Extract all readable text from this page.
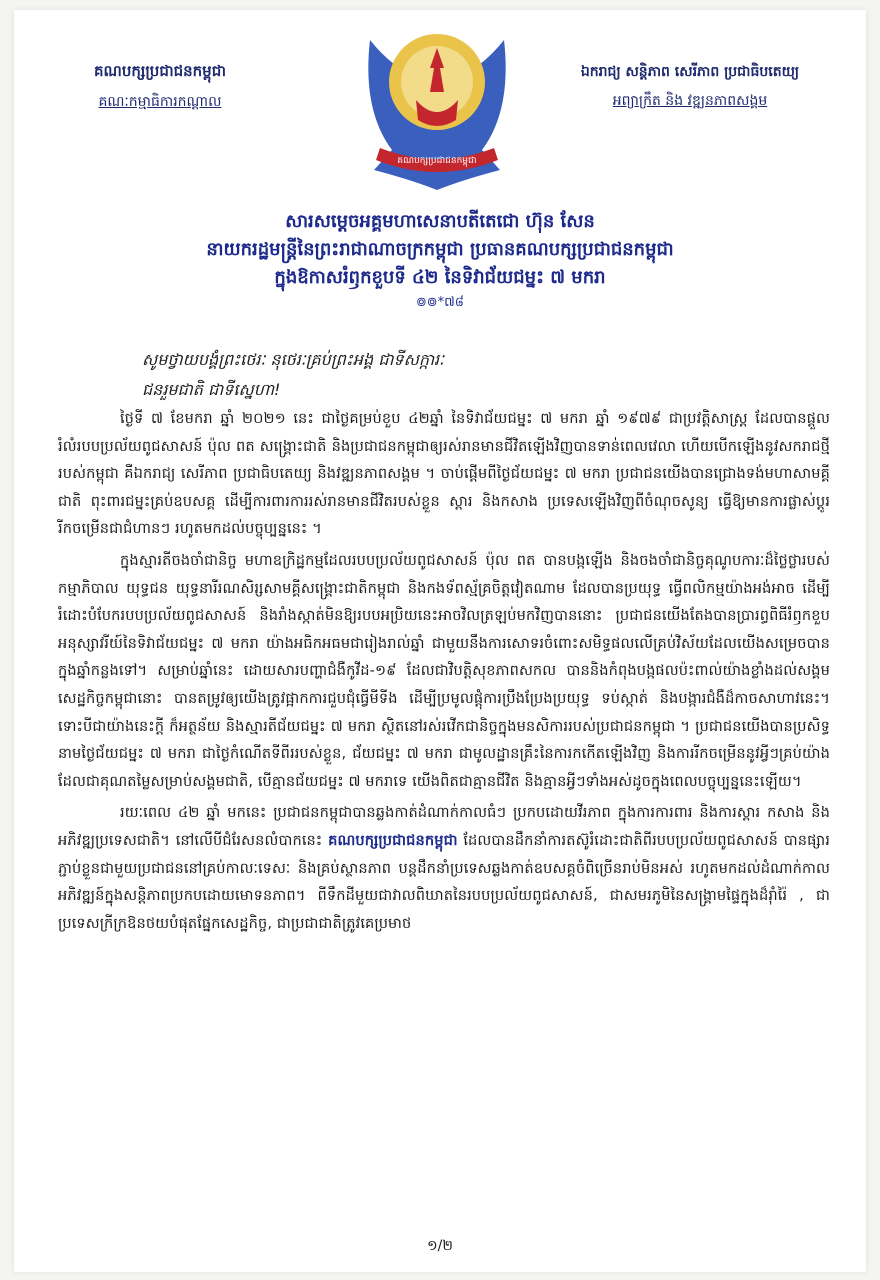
គណបក្សប្រជាជនកម្ពុជា
គណៈកម្មាធិការកណ្តាល
គណបក្សប្រជាជនកម្ពុជា
ឯករាជ្យ សន្តិភាព សេរីភាព ប្រជាធិបតេយ្យ
អព្យាក្រឹត និង វឌ្ឍនភាពសង្គម
សារសម្តេចអគ្គមហាសេនាបតីតេជោ ហ៊ុន សែន
នាយករដ្ឋមន្ត្រីនៃព្រះរាជាណាចក្រកម្ពុជា ប្រធានគណបក្សប្រជាជនកម្ពុជា
ក្នុងឱកាសរំឭកខួបទី ៤២ នៃទិវាជ័យជម្នះ ៧ មករា
៙៙*៧៨
សូមថ្វាយបង្គំព្រះថេរៈ នុថេរៈគ្រប់ព្រះអង្គ ជាទីសក្ការៈ
ជនរួមជាតិ ជាទីស្នេហា!

ថ្ងៃទី ៧ ខែមករា ឆ្នាំ ២០២១ នេះ ជាថ្ងៃគម្រប់ខួប ៤២ឆ្នាំ នៃទិវាជ័យជម្នះ ៧ មករា ឆ្នាំ ១៩៧៩ ជាប្រវត្តិសាស្ត្រ ដែលបានផ្តួលរំលំរបបប្រល័យពូជសាសន៍ ប៉ុល ពត សង្គ្រោះជាតិ និងប្រជាជនកម្ពុជាឲ្យរស់រានមានជីវិតឡើងវិញបានទាន់ពេលវេលា ហើយបើកឡើងនូវសករាជថ្មីរបស់កម្ពុជា គឺឯករាជ្យ សេរីភាព ប្រជាធិបតេយ្យ និងវឌ្ឍនភាពសង្គម ។ ចាប់ផ្តើមពីថ្ងៃជ័យជម្នះ ៧ មករា ប្រជាជនយើងបានជ្រោងទង់មហាសាមគ្គីជាតិ ពុះពារជម្នះគ្រប់ឧបសគ្គ ដើម្បីការពារការរស់រានមានជីវិតរបស់ខ្លួន ស្តារ និងកសាង ប្រទេសឡើងវិញពីចំណុចសូន្យ ធ្វើឱ្យមានការផ្លាស់ប្តូរ រីកចម្រើនជាជំហានៗ រហូតមកដល់បច្ចុប្បន្ននេះ ។

ក្នុងស្មារតីចងចាំជានិច្ច មហាឧក្រិដ្ឋកម្មដែលរបបប្រល័យពូជសាសន៍ ប៉ុល ពត បានបង្កឡើង និងចងចាំជានិច្ចគុណូបការៈដ៏ថ្លៃថ្លារបស់កម្មាភិបាល យុទ្ធជន យុទ្ធនារីរណសិរ្សសាមគ្គីសង្គ្រោះជាតិកម្ពុជា និងកងទ័ពស្ម័គ្រចិត្តវៀតណាម ដែលបានប្រយុទ្ធ ធ្វើពលិកម្មយ៉ាងអង់អាច ដើម្បីរំដោះបំបែករបបប្រល័យពូជសាសន៍ និងរាំងស្កាត់មិនឱ្យរបបអប្រិយនេះអាចវិលត្រឡប់មកវិញបាននោះ ប្រជាជនយើងតែងបានប្រារព្ធពិធីរំឭកខួបអនុស្សាវរីយ៍នៃទិវាជ័យជម្នះ ៧ មករា យ៉ាងអធិកអធមជារៀងរាល់ឆ្នាំ ជាមួយនឹងការសោទរចំពោះសមិទ្ធផលលើគ្រប់វិស័យដែលយើងសម្រេចបានក្នុងឆ្នាំកន្លងទៅ។ សម្រាប់ឆ្នាំនេះ ដោយសារបញ្ហាជំងឺកូវីដ-១៩ ដែលជាវិបត្តិសុខភាពសកល បាននិងកំពុងបង្កផលប៉ះពាល់យ៉ាងខ្លាំងដល់សង្គម សេដ្ឋកិច្ចកម្ពុជានោះ បានតម្រូវឲ្យយើងត្រូវផ្អាកការជួបជុំធ្វើមីទីង ដើម្បីប្រមូលផ្តុំការប្រឹងប្រែងប្រយុទ្ធ ទប់ស្កាត់ និងបង្ការជំងឺដ៏កាចសាហាវនេះ។ ទោះបីជាយ៉ាងនេះក្តី ក៏អត្ថន័យ និងស្មារតីជ័យជម្នះ ៧ មករា ស្ថិតនៅរស់រវើកជានិច្ចក្នុងមនសិការរបស់ប្រជាជនកម្ពុជា ។ ប្រជាជនយើងបានប្រសិទ្ធនាមថ្ងៃជ័យជម្នះ ៧ មករា ជាថ្ងៃកំណើតទីពីររបស់ខ្លួន, ជ័យជម្នះ ៧ មករា ជាមូលដ្ឋានគ្រឹះនៃការកកើតឡើងវិញ និងការរីកចម្រើននូវអ្វីៗគ្រប់យ៉ាង ដែលជាគុណតម្លៃសម្រាប់សង្គមជាតិ, បើគ្មានជ័យជម្នះ ៧ មករាទេ យើងពិតជាគ្មានជីវិត និងគ្មានអ្វីៗទាំងអស់ដូចក្នុងពេលបច្ចុប្បន្ននេះឡើយ។

រយៈពេល ៤២ ឆ្នាំ មកនេះ ប្រជាជនកម្ពុជាបានឆ្លងកាត់ដំណាក់កាលធំៗ ប្រកបដោយវីរភាព ក្នុងការការពារ និងការស្តារ កសាង និងអភិវឌ្ឍប្រទេសជាតិ។ នៅលើបីជំរែសនលំបាកនេះ គណបក្សប្រជាជនកម្ពុជា ដែលបានដឹកនាំការតស៊ូរំដោះជាតិពីរបបប្រល័យពូជសាសន៍ បានផ្សារភ្ជាប់ខ្លួនជាមួយប្រជាជននៅគ្រប់កាលៈទេសៈ និងគ្រប់ស្ថានភាព បន្តដឹកនាំប្រទេសឆ្លងកាត់ឧបសគ្គចំពិច្រើនរាប់មិនអស់ រហូតមកដល់ដំណាក់កាលអភិវឌ្ឍន៍ក្នុងសន្តិភាពប្រកបដោយមោទនភាព។ ពីទឹកដីមួយជាវាលពិឃាតនៃរបបប្រល័យពូជសាសន៍, ជាសមរភូមិនៃសង្គ្រាមផ្ទៃក្នុងដ៏រ៉ាំរ៉ៃ , ជាប្រទេសក្រីក្រឱនថយបំផុតផ្នែកសេដ្ឋកិច្ច, ជាប្រជាជាតិត្រូវគេប្រមាថ

១/២
